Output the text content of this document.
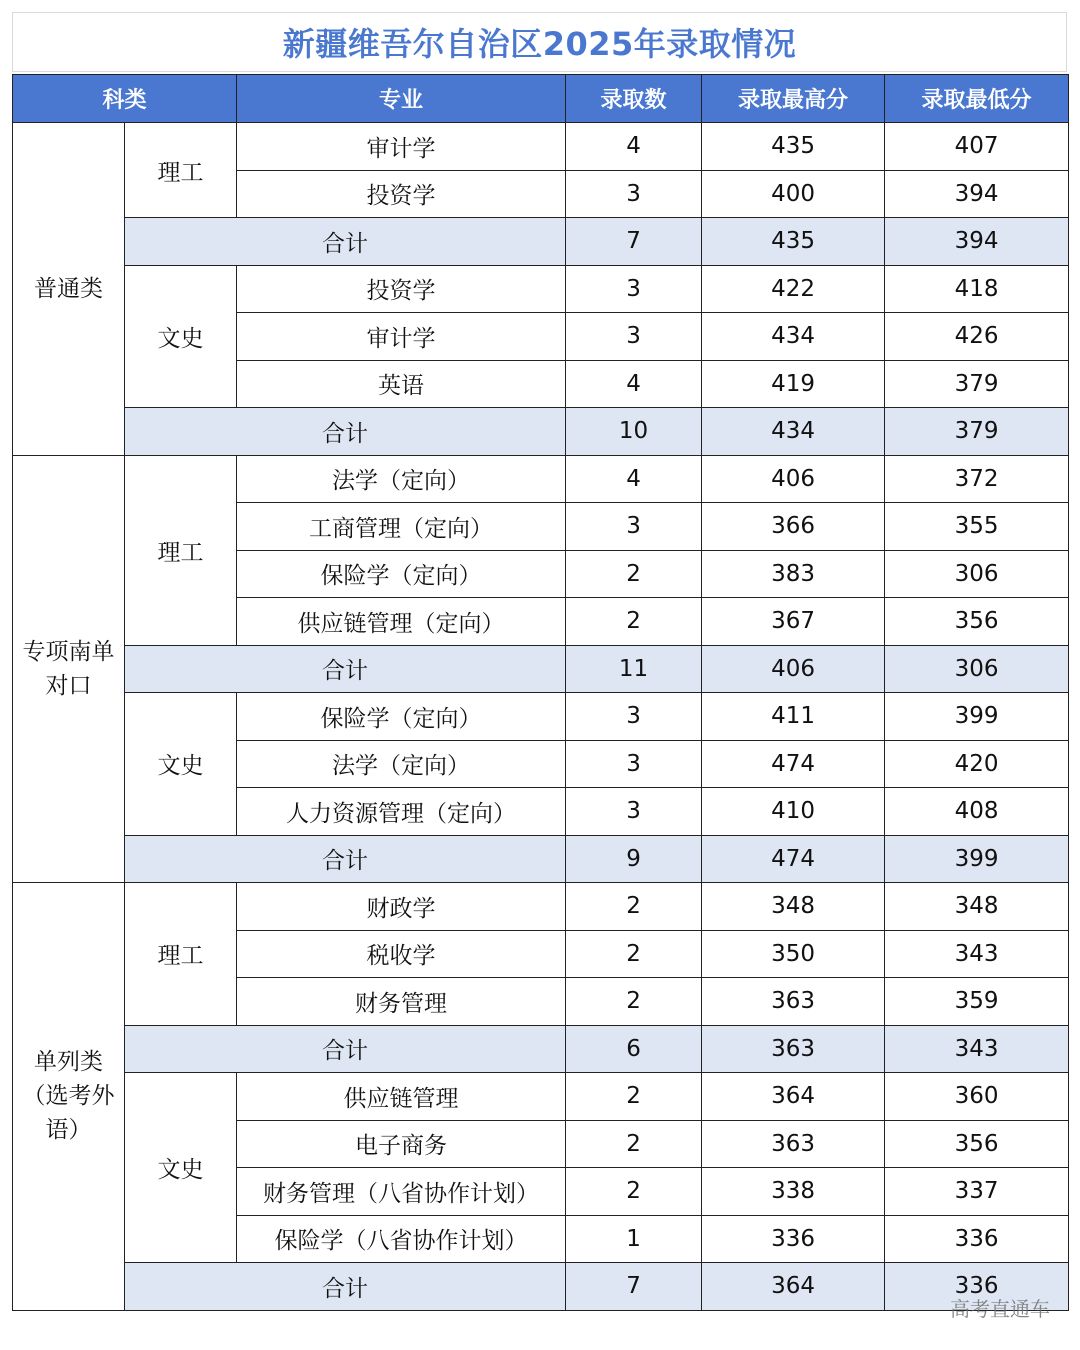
新疆维吾尔自治区2025年录取情况
科类		专业	录取数	录取最高分	录取最低分
普通类	理工	审计学	4	435	407
		投资学	3	400	394
	合计		7	435	394
	文史	投资学	3	422	418
		审计学	3	434	426
		英语	4	419	379
	合计		10	434	379
专项南单对口	理工	法学（定向）	4	406	372
		工商管理（定向）	3	366	355
		保险学（定向）	2	383	306
		供应链管理（定向）	2	367	356
	合计		11	406	306
	文史	保险学（定向）	3	411	399
		法学（定向）	3	474	420
		人力资源管理（定向）	3	410	408
	合计		9	474	399
单列类（选考外语）	理工	财政学	2	348	348
		税收学	2	350	343
		财务管理	2	363	359
	合计		6	363	343
	文史	供应链管理	2	364	360
		电子商务	2	363	356
		财务管理（八省协作计划）	2	338	337
		保险学（八省协作计划）	1	336	336
	合计		7	364	336
高考直通车
